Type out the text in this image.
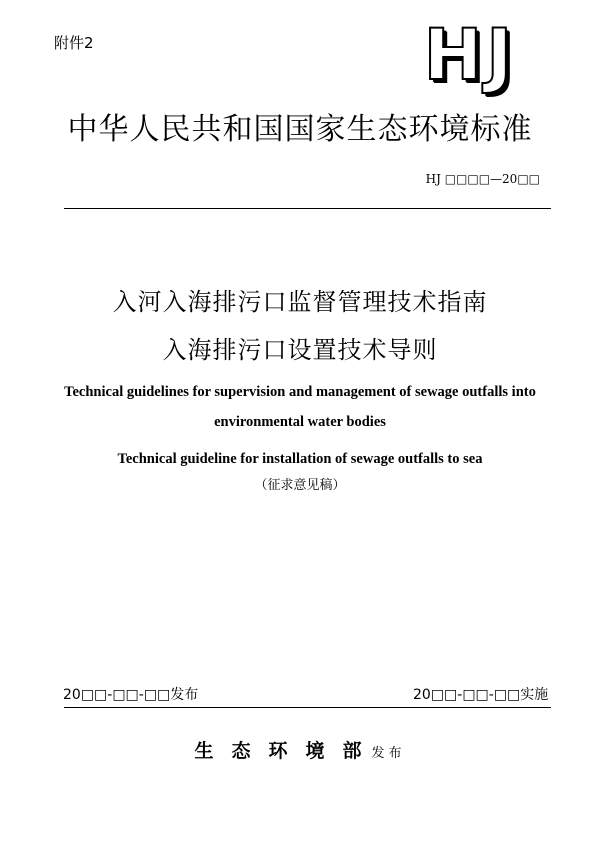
附件2	HJ
中华人民共和国国家生态环境标准
HJ □□□□—20□□
入河入海排污口监督管理技术指南
入海排污口设置技术导则
Technical guidelines for supervision and management of sewage outfalls into
environmental water bodies
Technical guideline for installation of sewage outfalls to sea
（征求意见稿）
20□□-□□-□□发布	20□□-□□-□□实施
生态环境部发布
